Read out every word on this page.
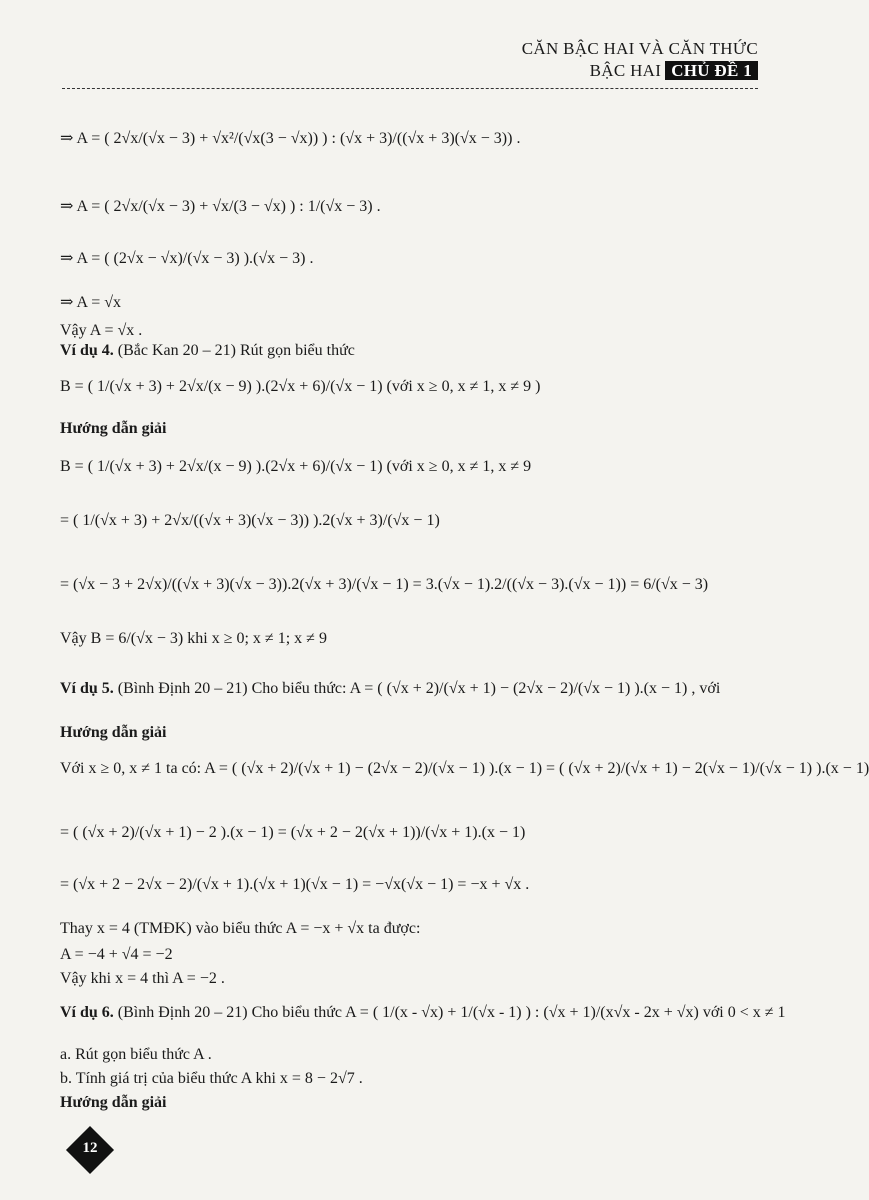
CĂN BẬC HAI VÀ CĂN THỨC
BẬC HAI CHỦ ĐỀ 1
⇒ A = ( 2√x/(√x − 3) + √x²/(√x(3 − √x)) ) : (√x + 3)/((√x + 3)(√x − 3)) .
⇒ A = ( 2√x/(√x − 3) + √x/(3 − √x) ) : 1/(√x − 3) .
⇒ A = ( (2√x − √x)/(√x − 3) ).(√x − 3) .
⇒ A = √x
Vậy A = √x .
Ví dụ 4. (Bắc Kan 20 – 21) Rút gọn biểu thức
B = ( 1/(√x + 3) + 2√x/(x − 9) ).(2√x + 6)/(√x − 1) (với x ≥ 0, x ≠ 1, x ≠ 9 )
Hướng dẫn giải
B = ( 1/(√x + 3) + 2√x/(x − 9) ).(2√x + 6)/(√x − 1) (với x ≥ 0, x ≠ 1, x ≠ 9
= ( 1/(√x + 3) + 2√x/((√x + 3)(√x − 3)) ).2(√x + 3)/(√x − 1)
= (√x − 3 + 2√x)/((√x + 3)(√x − 3)).2(√x + 3)/(√x − 1) = 3.(√x − 1).2/((√x − 3).(√x − 1)) = 6/(√x − 3)
Vậy B = 6/(√x − 3) khi x ≥ 0; x ≠ 1; x ≠ 9
Ví dụ 5. (Bình Định 20 – 21) Cho biểu thức: A = ( (√x + 2)/(√x + 1) − (2√x − 2)/(√x − 1) ).(x − 1) , với
Hướng dẫn giải
Với x ≥ 0, x ≠ 1 ta có: A = ( (√x + 2)/(√x + 1) − (2√x − 2)/(√x − 1) ).(x − 1) = ( (√x + 2)/(√x + 1) − 2(√x − 1)/(√x − 1) ).(x − 1)
= ( (√x + 2)/(√x + 1) − 2 ).(x − 1) = (√x + 2 − 2(√x + 1))/(√x + 1).(x − 1)
= (√x + 2 − 2√x − 2)/(√x + 1).(√x + 1)(√x − 1) = −√x(√x − 1) = −x + √x .
Thay x = 4 (TMĐK) vào biểu thức A = −x + √x ta được:
A = −4 + √4 = −2
Vậy khi x = 4 thì A = −2 .
Ví dụ 6. (Bình Định 20 – 21) Cho biểu thức A = ( 1/(x - √x) + 1/(√x - 1) ) : (√x + 1)/(x√x - 2x + √x) với 0 < x ≠ 1
a. Rút gọn biểu thức A .
b. Tính giá trị của biểu thức A khi x = 8 − 2√7 .
Hướng dẫn giải
12
